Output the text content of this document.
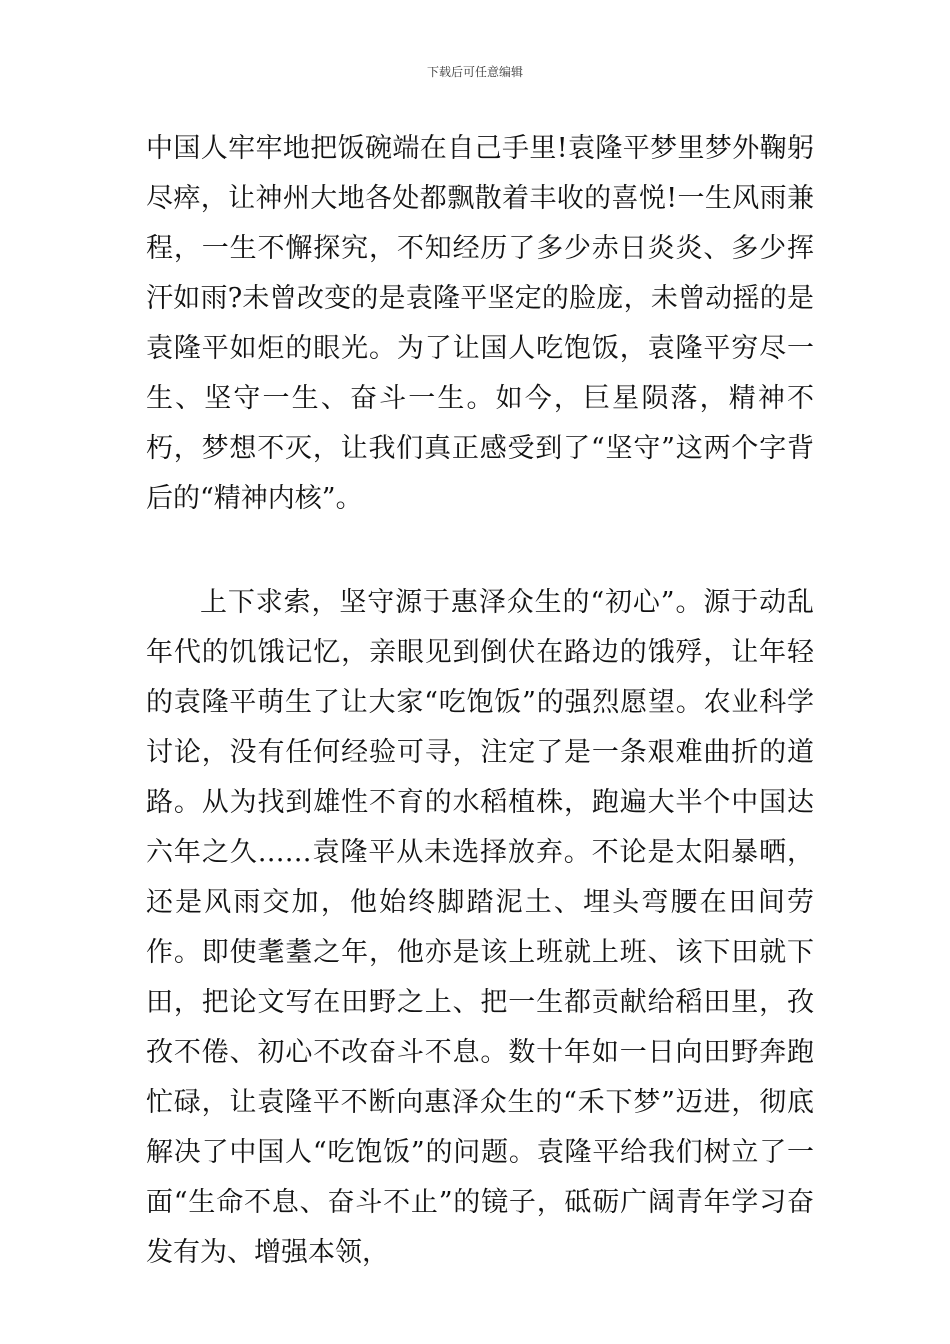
下载后可任意编辑

中国人牢牢地把饭碗端在自己手里!袁隆平梦里梦外鞠躬尽瘁，让神州大地各处都飘散着丰收的喜悦!一生风雨兼程，一生不懈探究，不知经历了多少赤日炎炎、多少挥汗如雨?未曾改变的是袁隆平坚定的脸庞，未曾动摇的是袁隆平如炬的眼光。为了让国人吃饱饭，袁隆平穷尽一生、坚守一生、奋斗一生。如今，巨星陨落，精神不朽，梦想不灭，让我们真正感受到了“坚守”这两个字背后的“精神内核”。

上下求索，坚守源于惠泽众生的“初心”。源于动乱年代的饥饿记忆，亲眼见到倒伏在路边的饿殍，让年轻的袁隆平萌生了让大家“吃饱饭”的强烈愿望。农业科学讨论，没有任何经验可寻，注定了是一条艰难曲折的道路。从为找到雄性不育的水稻植株，跑遍大半个中国达六年之久……袁隆平从未选择放弃。不论是太阳暴晒，还是风雨交加，他始终脚踏泥土、埋头弯腰在田间劳作。即使耄耋之年，他亦是该上班就上班、该下田就下田，把论文写在田野之上、把一生都贡献给稻田里，孜孜不倦、初心不改奋斗不息。数十年如一日向田野奔跑忙碌，让袁隆平不断向惠泽众生的“禾下梦”迈进，彻底解决了中国人“吃饱饭”的问题。袁隆平给我们树立了一面“生命不息、奋斗不止”的镜子，砥砺广阔青年学习奋发有为、增强本领，
